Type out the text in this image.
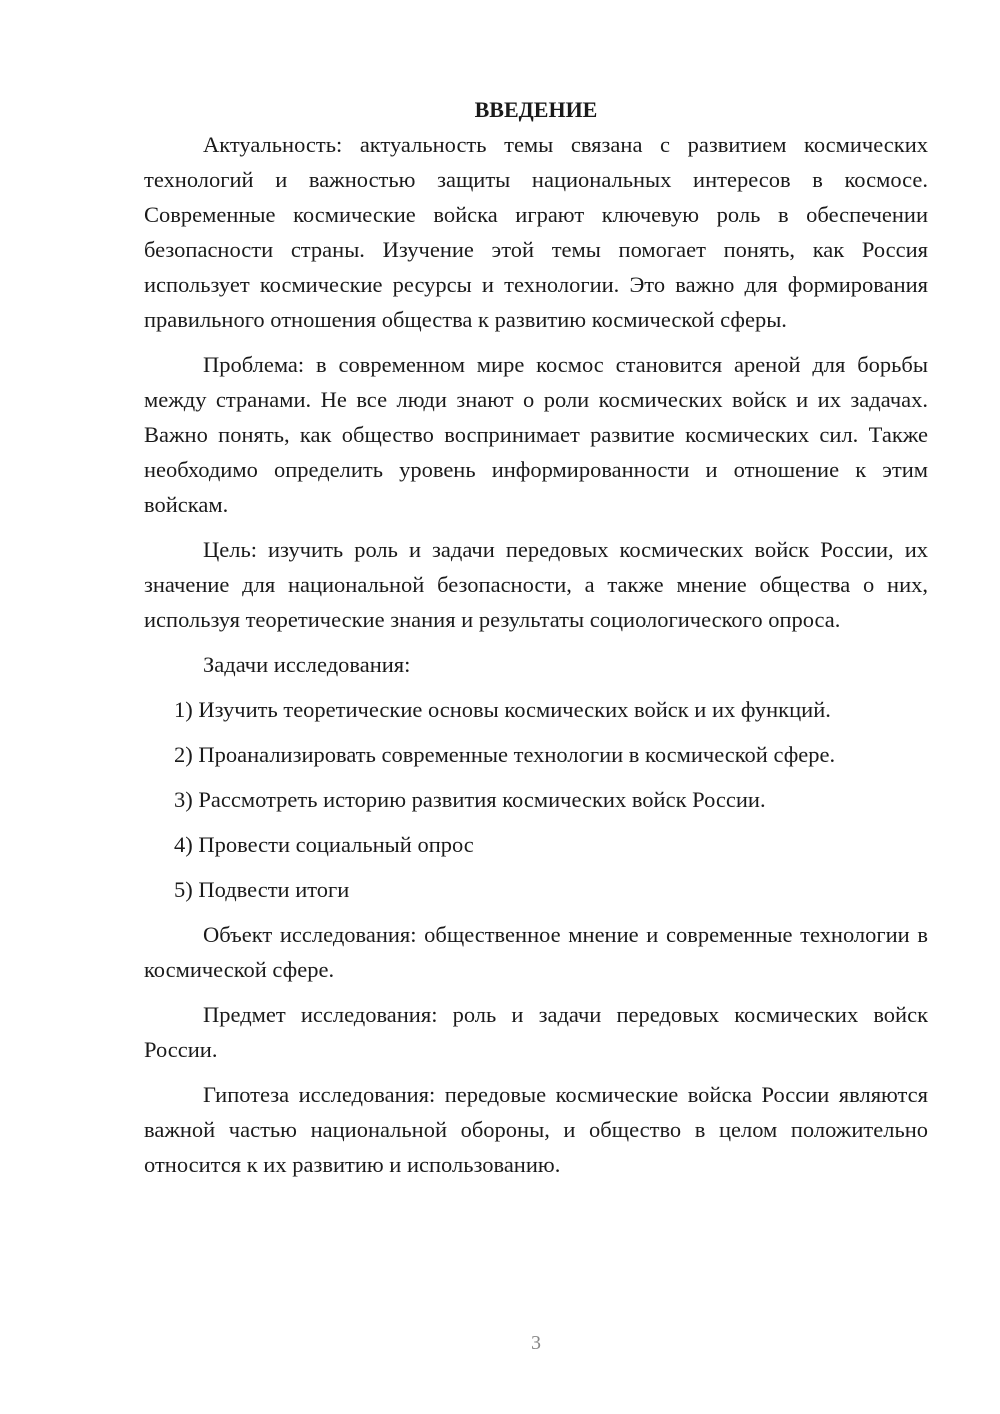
ВВЕДЕНИЕ

Актуальность: актуальность темы связана с развитием космических технологий и важностью защиты национальных интересов в космосе. Современные космические войска играют ключевую роль в обеспечении безопасности страны. Изучение этой темы помогает понять, как Россия использует космические ресурсы и технологии. Это важно для формирования правильного отношения общества к развитию космической сферы.

Проблема: в современном мире космос становится ареной для борьбы между странами. Не все люди знают о роли космических войск и их задачах. Важно понять, как общество воспринимает развитие космических сил. Также необходимо определить уровень информированности и отношение к этим войскам.

Цель: изучить роль и задачи передовых космических войск России, их значение для национальной безопасности, а также мнение общества о них, используя теоретические знания и результаты социологического опроса.

Задачи исследования:

1) Изучить теоретические основы космических войск и их функций.
2) Проанализировать современные технологии в космической сфере.
3) Рассмотреть историю развития космических войск России.
4) Провести социальный опрос
5) Подвести итоги

Объект исследования: общественное мнение и современные технологии в космической сфере.

Предмет исследования: роль и задачи передовых космических войск России.

Гипотеза исследования: передовые космические войска России являются важной частью национальной обороны, и общество в целом положительно относится к их развитию и использованию.

3
